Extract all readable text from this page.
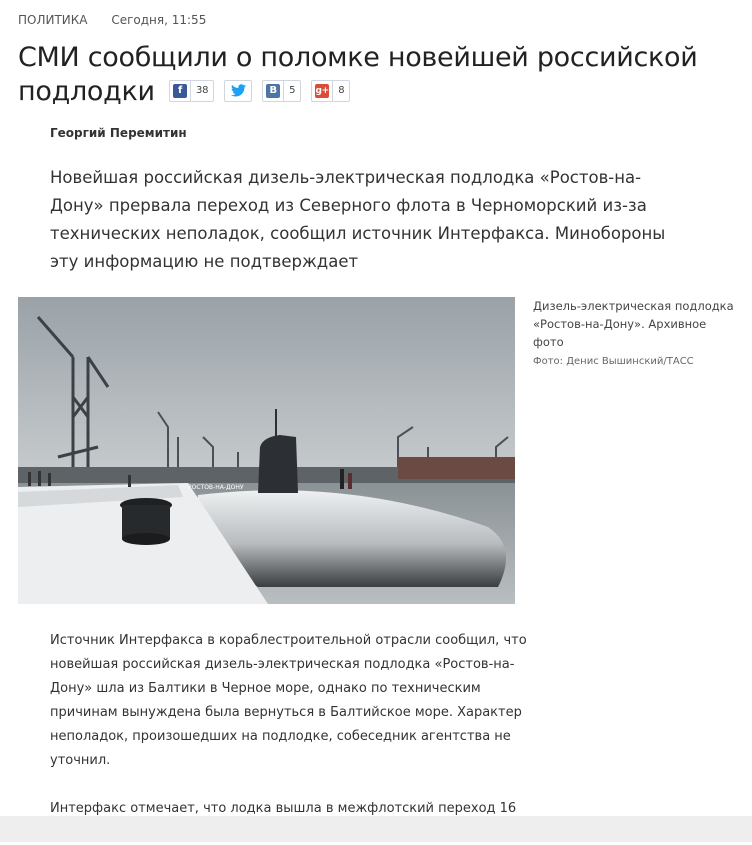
ПОЛИТИКА Сегодня, 11:55
СМИ сообщили о поломке новейшей российской подлодки	f	38	B	5	g+ 8
Георгий Перемитин
Новейшая российская дизель-электрическая подлодка «Ростов-на-Дону» прервала переход из Северного флота в Черноморский из-за технических неполадок, сообщил источник Интерфакса. Минобороны эту информацию не подтверждает
РОСТОВ-НА-ДОНУ
Дизель-электрическая подлодка «Ростов-на-Дону». Архивное фото
Фото: Денис Вышинский/ТАСС

Источник Интерфакса в кораблестроительной отрасли сообщил, что новейшая российская дизель-электрическая подлодка «Ростов-на-Дону» шла из Балтики в Черное море, однако по техническим причинам вынуждена была вернуться в Балтийское море. Характер неполадок, произошедших на подлодке, собеседник агентства не уточнил.

Интерфакс отмечает, что лодка вышла в межфлотский переход 16
